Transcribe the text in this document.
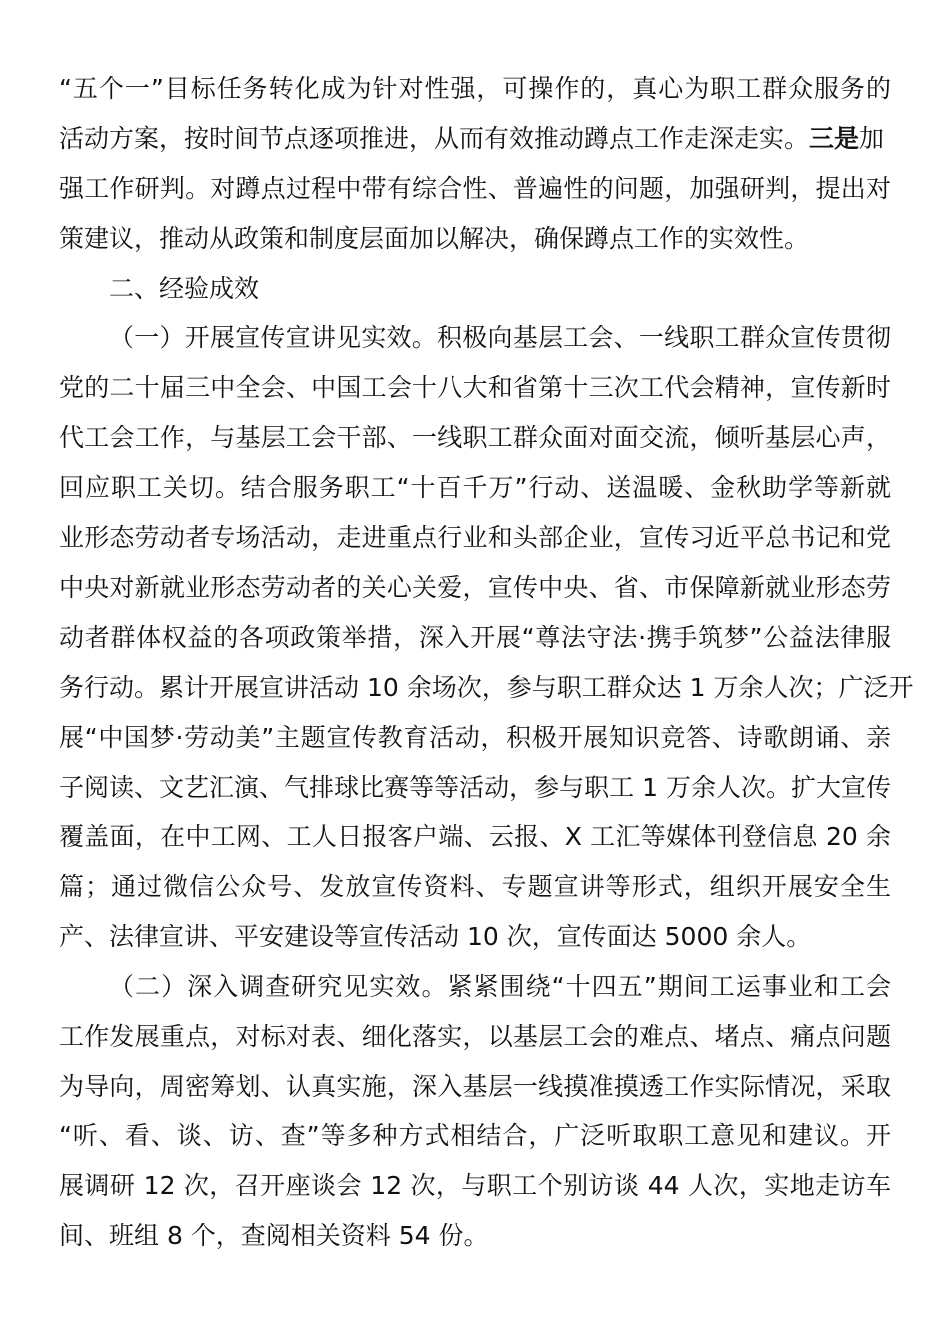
“五个一”目标任务转化成为针对性强，可操作的，真心为职工群众服务的
活动方案，按时间节点逐项推进，从而有效推动蹲点工作走深走实。三是加
强工作研判。对蹲点过程中带有综合性、普遍性的问题，加强研判，提出对
策建议，推动从政策和制度层面加以解决，确保蹲点工作的实效性。
二、经验成效
（一）开展宣传宣讲见实效。积极向基层工会、一线职工群众宣传贯彻
党的二十届三中全会、中国工会十八大和省第十三次工代会精神，宣传新时
代工会工作，与基层工会干部、一线职工群众面对面交流，倾听基层心声，
回应职工关切。结合服务职工“十百千万”行动、送温暖、金秋助学等新就
业形态劳动者专场活动，走进重点行业和头部企业，宣传习近平总书记和党
中央对新就业形态劳动者的关心关爱，宣传中央、省、市保障新就业形态劳
动者群体权益的各项政策举措，深入开展“尊法守法·携手筑梦”公益法律服
务行动。累计开展宣讲活动 10 余场次，参与职工群众达 1 万余人次；广泛开
展“中国梦·劳动美”主题宣传教育活动，积极开展知识竞答、诗歌朗诵、亲
子阅读、文艺汇演、气排球比赛等等活动，参与职工 1 万余人次。扩大宣传
覆盖面，在中工网、工人日报客户端、云报、X 工汇等媒体刊登信息 20 余
篇；通过微信公众号、发放宣传资料、专题宣讲等形式，组织开展安全生
产、法律宣讲、平安建设等宣传活动 10 次，宣传面达 5000 余人。
（二）深入调查研究见实效。紧紧围绕“十四五”期间工运事业和工会
工作发展重点，对标对表、细化落实，以基层工会的难点、堵点、痛点问题
为导向，周密筹划、认真实施，深入基层一线摸准摸透工作实际情况，采取
“听、看、谈、访、查”等多种方式相结合，广泛听取职工意见和建议。开
展调研 12 次，召开座谈会 12 次，与职工个别访谈 44 人次，实地走访车
间、班组 8 个，查阅相关资料 54 份。
